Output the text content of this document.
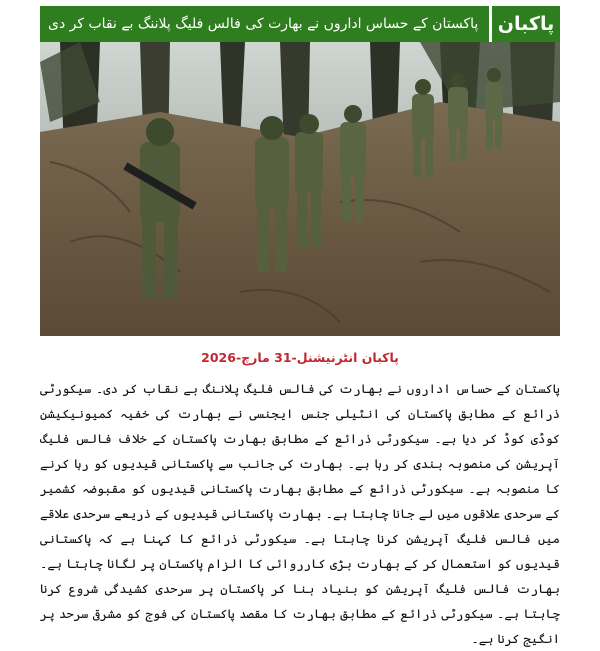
پاکستان کے حساس اداروں نے بھارت کی فالس فلیگ پلاننگ بے نقاب کر دی	پاکبان
پاکبان انٹرنیشنل-31 مارچ-2026

پاکستان کے حساس اداروں نے بھارت کی فالس فلیگ پلاننگ بے نقاب کر دی۔ سیکورٹی ذرائع کے مطابق پاکستان کی انٹیلی جنس ایجنسی نے بھارت کی خفیہ کمیونیکیشن کوڈی کوڈ کر دیا ہے۔ سیکورٹی ذرائع کے مطابق بھارت پاکستان کے خلاف فالس فلیگ آپریشن کی منصوبہ بندی کر رہا ہے۔ بھارت کی جانب سے پاکستانی قیدیوں کو رہا کرنے کا منصوبہ ہے۔ سیکورٹی ذرائع کے مطابق بھارت پاکستانی قیدیوں کو مقبوضہ کشمیر کے سرحدی علاقوں میں لے جانا چاہتا ہے۔ بھارت پاکستانی قیدیوں کے ذریعے سرحدی علاقے میں فالس فلیگ آپریشن کرنا چاہتا ہے۔ سیکورٹی ذرائع کا کہنا ہے کہ پاکستانی قیدیوں کو استعمال کر کے بھارت بڑی کارروائی کا الزام پاکستان پر لگانا چاہتا ہے۔ بھارت فالس فلیگ آپریشن کو بنیاد بنا کر پاکستان پر سرحدی کشیدگی شروع کرنا چاہتا ہے۔ سیکورٹی ذرائع کے مطابق بھارت کا مقصد پاکستان کی فوج کو مشرقی سرحد پر انگیج کرنا ہے۔
